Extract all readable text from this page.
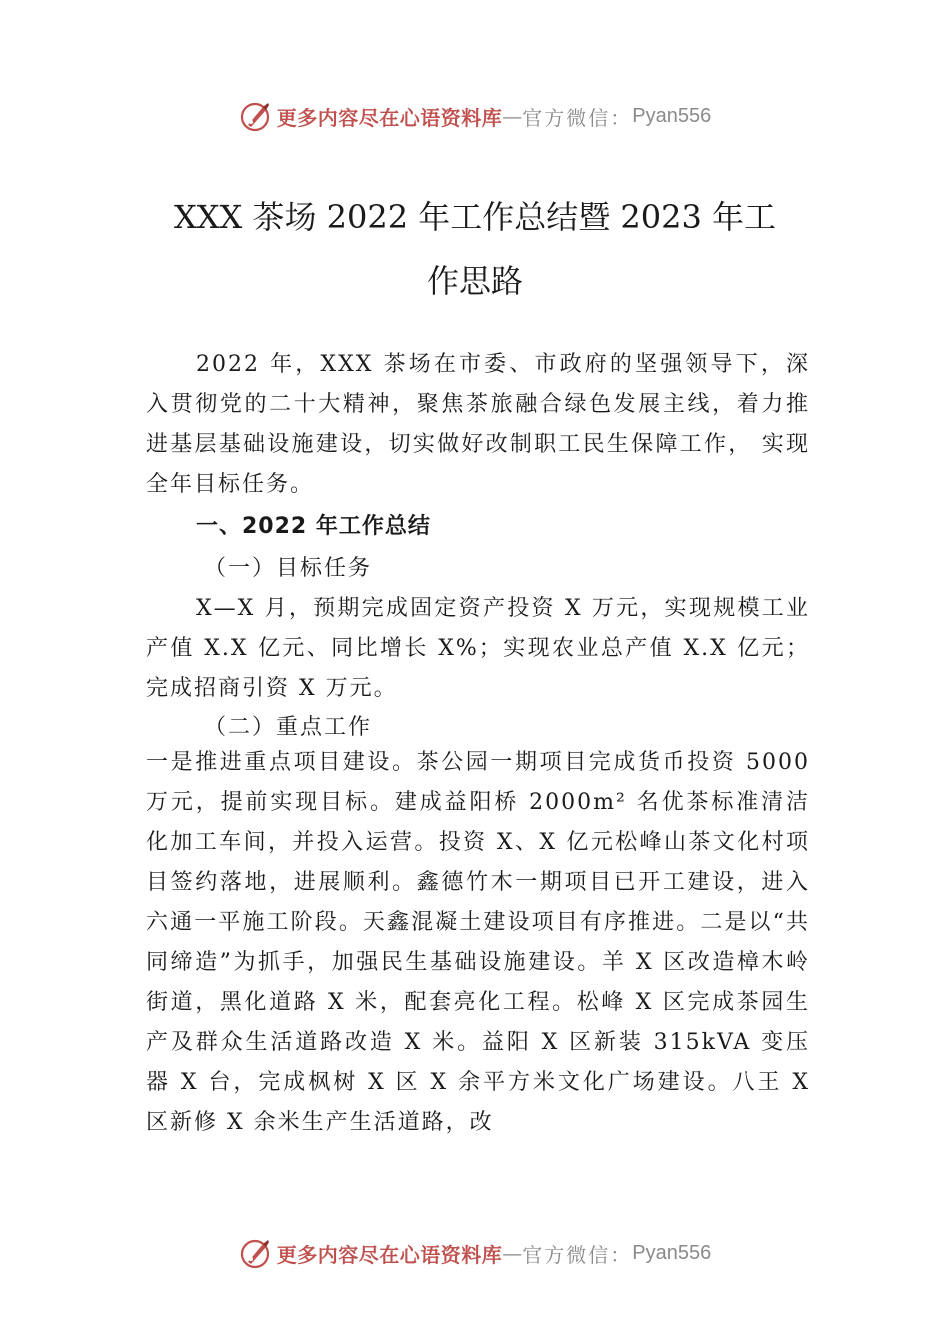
更多内容尽在心语资料库 — 官方微信： Pyan556
XXX 茶场 2022 年工作总结暨 2023 年工
作思路

2022 年，XXX 茶场在市委、市政府的坚强领导下，深入贯彻党的二十大精神，聚焦茶旅融合绿色发展主线，着力推进基层基础设施建设，切实做好改制职工民生保障工作， 实现全年目标任务。

一、2022 年工作总结

（一）目标任务

X—X 月，预期完成固定资产投资 X 万元，实现规模工业产值 X.X 亿元、同比增长 X%；实现农业总产值 X.X 亿元；完成招商引资 X 万元。

（二）重点工作

一是推进重点项目建设。茶公园一期项目完成货币投资 5000 万元，提前实现目标。建成益阳桥 2000m² 名优茶标准清洁化加工车间，并投入运营。投资 X、X 亿元松峰山茶文化村项目签约落地，进展顺利。鑫德竹木一期项目已开工建设，进入六通一平施工阶段。天鑫混凝土建设项目有序推进。二是以“共同缔造”为抓手，加强民生基础设施建设。羊 X 区改造樟木岭街道，黑化道路 X 米，配套亮化工程。松峰 X 区完成茶园生产及群众生活道路改造 X 米。益阳 X 区新装 315kVA 变压器 X 台，完成枫树 X 区 X 余平方米文化广场建设。八王 X 区新修 X 余米生产生活道路，改

更多内容尽在心语资料库 — 官方微信： Pyan556
